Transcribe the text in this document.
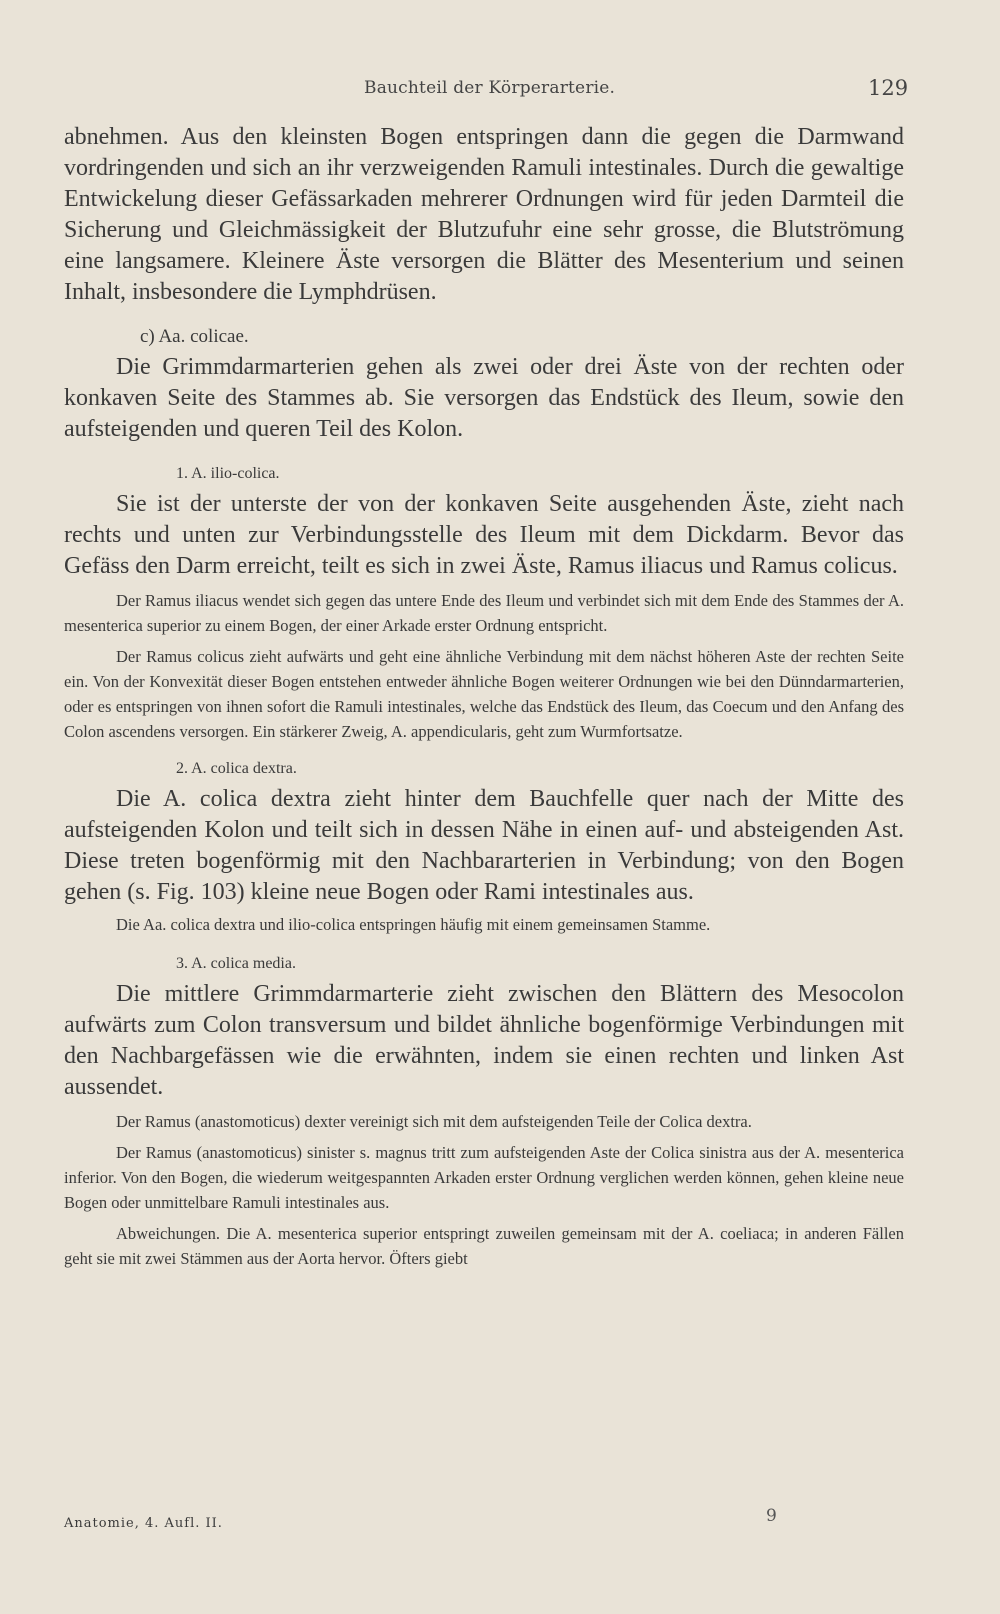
Bauchteil der Körperarterie.	129

abnehmen. Aus den kleinsten Bogen entspringen dann die gegen die Darmwand vordringenden und sich an ihr verzweigenden Ramuli intestinales. Durch die gewaltige Entwickelung dieser Gefässarkaden mehrerer Ordnungen wird für jeden Darmteil die Sicherung und Gleichmässigkeit der Blutzufuhr eine sehr grosse, die Blutströmung eine langsamere. Kleinere Äste versorgen die Blätter des Mesenterium und seinen Inhalt, insbesondere die Lymphdrüsen.

c) Aa. colicae.

Die Grimmdarmarterien gehen als zwei oder drei Äste von der rechten oder konkaven Seite des Stammes ab. Sie versorgen das Endstück des Ileum, sowie den aufsteigenden und queren Teil des Kolon.

1. A. ilio-colica.

Sie ist der unterste der von der konkaven Seite ausgehenden Äste, zieht nach rechts und unten zur Verbindungsstelle des Ileum mit dem Dickdarm. Bevor das Gefäss den Darm erreicht, teilt es sich in zwei Äste, Ramus iliacus und Ramus colicus.

Der Ramus iliacus wendet sich gegen das untere Ende des Ileum und verbindet sich mit dem Ende des Stammes der A. mesenterica superior zu einem Bogen, der einer Arkade erster Ordnung entspricht.

Der Ramus colicus zieht aufwärts und geht eine ähnliche Verbindung mit dem nächst höheren Aste der rechten Seite ein. Von der Konvexität dieser Bogen entstehen entweder ähnliche Bogen weiterer Ordnungen wie bei den Dünndarmarterien, oder es entspringen von ihnen sofort die Ramuli intestinales, welche das Endstück des Ileum, das Coecum und den Anfang des Colon ascendens versorgen. Ein stärkerer Zweig, A. appendicularis, geht zum Wurmfortsatze.

2. A. colica dextra.

Die A. colica dextra zieht hinter dem Bauchfelle quer nach der Mitte des aufsteigenden Kolon und teilt sich in dessen Nähe in einen auf- und absteigenden Ast. Diese treten bogenförmig mit den Nachbararterien in Verbindung; von den Bogen gehen (s. Fig. 103) kleine neue Bogen oder Rami intestinales aus.

Die Aa. colica dextra und ilio-colica entspringen häufig mit einem gemeinsamen Stamme.

3. A. colica media.

Die mittlere Grimmdarmarterie zieht zwischen den Blättern des Mesocolon aufwärts zum Colon transversum und bildet ähnliche bogenförmige Verbindungen mit den Nachbargefässen wie die erwähnten, indem sie einen rechten und linken Ast aussendet.

Der Ramus (anastomoticus) dexter vereinigt sich mit dem aufsteigenden Teile der Colica dextra.

Der Ramus (anastomoticus) sinister s. magnus tritt zum aufsteigenden Aste der Colica sinistra aus der A. mesenterica inferior. Von den Bogen, die wiederum weitgespannten Arkaden erster Ordnung verglichen werden können, gehen kleine neue Bogen oder unmittelbare Ramuli intestinales aus.

Abweichungen. Die A. mesenterica superior entspringt zuweilen gemeinsam mit der A. coeliaca; in anderen Fällen geht sie mit zwei Stämmen aus der Aorta hervor. Öfters giebt

Anatomie, 4. Aufl. II.	9
